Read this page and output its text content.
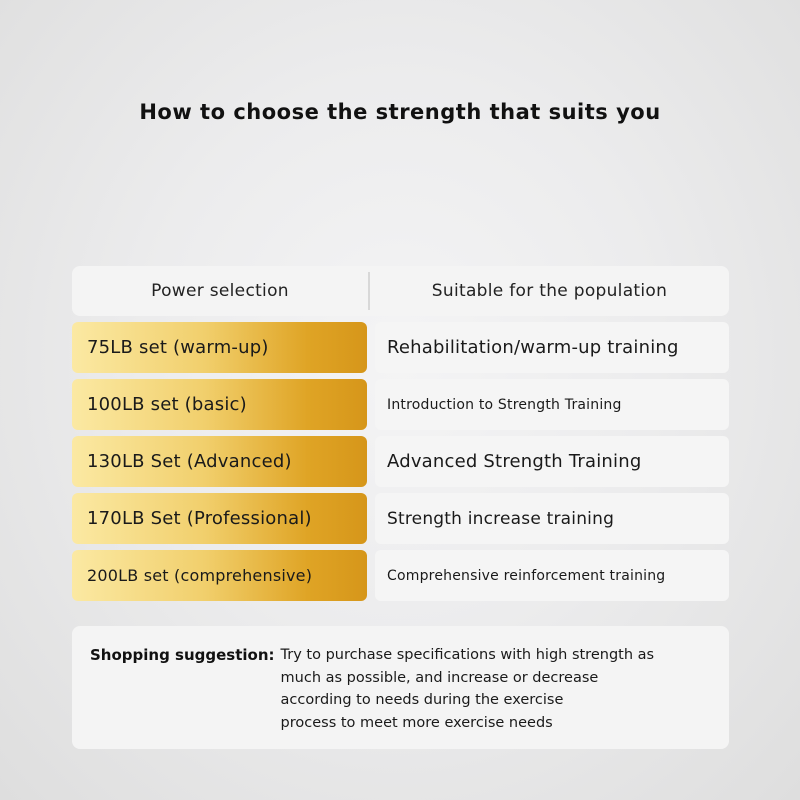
How to choose the strength that suits you
Power selection	Suitable for the population
75LB set (warm-up)	Rehabilitation/warm-up training
100LB set (basic)	Introduction to Strength Training
130LB Set (Advanced)	Advanced Strength Training
170LB Set (Professional)	Strength increase training
200LB set (comprehensive)	Comprehensive reinforcement training
Shopping suggestion: Try to purchase specifications with high strength as
much as possible, and increase or decrease
according to needs during the exercise
process to meet more exercise needs
